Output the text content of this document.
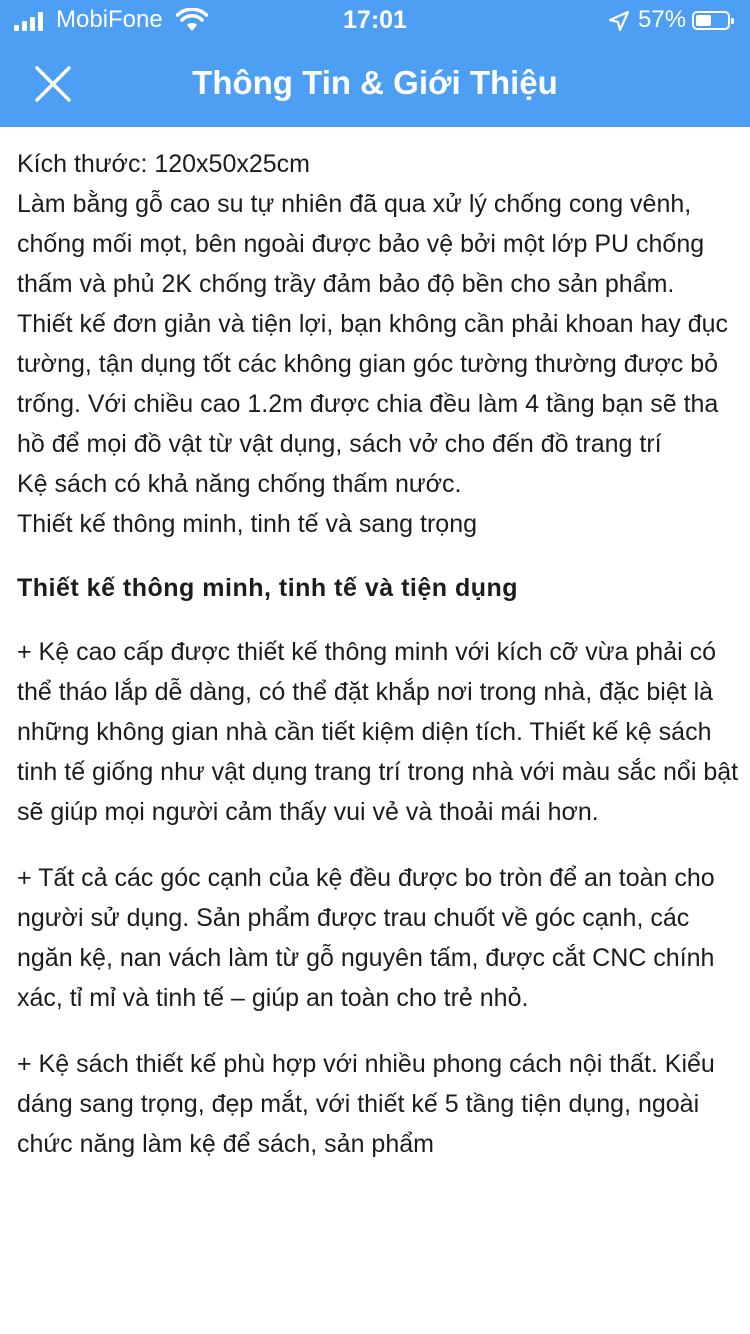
MobiFone	17:01	57%
Thông Tin & Giới Thiệu

Kích thước: 120x50x25cm

Làm bằng gỗ cao su tự nhiên đã qua xử lý chống cong vênh, chống mối mọt, bên ngoài được bảo vệ bởi một lớp PU chống thấm và phủ 2K chống trầy đảm bảo độ bền cho sản phẩm.

Thiết kế đơn giản và tiện lợi, bạn không cần phải khoan hay đục tường, tận dụng tốt các không gian góc tường thường được bỏ trống. Với chiều cao 1.2m được chia đều làm 4 tầng bạn sẽ tha hồ để mọi đồ vật từ vật dụng, sách vở cho đến đồ trang trí

Kệ sách có khả năng chống thấm nước.

Thiết kế thông minh, tinh tế và sang trọng

Thiết kế thông minh, tinh tế và tiện dụng

+ Kệ cao cấp được thiết kế thông minh với kích cỡ vừa phải có thể tháo lắp dễ dàng, có thể đặt khắp nơi trong nhà, đặc biệt là những không gian nhà cần tiết kiệm diện tích. Thiết kế kệ sách tinh tế giống như vật dụng trang trí trong nhà với màu sắc nổi bật sẽ giúp mọi người cảm thấy vui vẻ và thoải mái hơn.

+ Tất cả các góc cạnh của kệ đều được bo tròn để an toàn cho người sử dụng. Sản phẩm được trau chuốt về góc cạnh, các ngăn kệ, nan vách làm từ gỗ nguyên tấm, được cắt CNC chính xác, tỉ mỉ và tinh tế – giúp an toàn cho trẻ nhỏ.

+ Kệ sách thiết kế phù hợp với nhiều phong cách nội thất. Kiểu dáng sang trọng, đẹp mắt, với thiết kế 5 tầng tiện dụng, ngoài chức năng làm kệ để sách, sản phẩm
